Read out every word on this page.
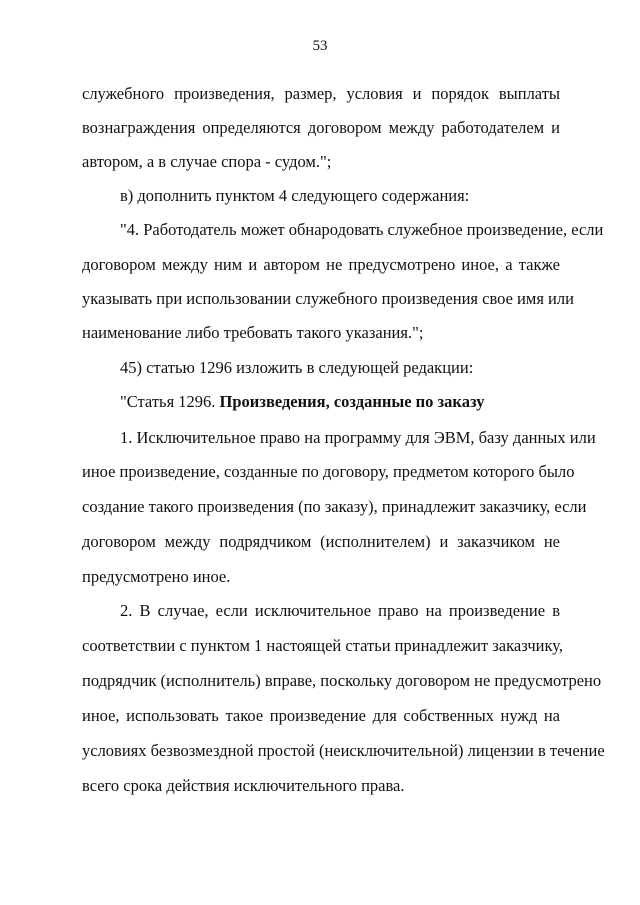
53
служебного произведения, размер, условия и порядок выплаты
вознаграждения определяются договором между работодателем и
автором, а в случае спора - судом.";
в) дополнить пунктом 4 следующего содержания:
"4. Работодатель может обнародовать служебное произведение, если
договором между ним и автором не предусмотрено иное, а также
указывать при использовании служебного произведения свое имя или
наименование либо требовать такого указания.";
45) статью 1296 изложить в следующей редакции:
"Статья 1296. Произведения, созданные по заказу
1. Исключительное право на программу для ЭВМ, базу данных или
иное произведение, созданные по договору, предметом которого было
создание такого произведения (по заказу), принадлежит заказчику, если
договором между подрядчиком (исполнителем) и заказчиком не
предусмотрено иное.
2. В случае, если исключительное право на произведение в
соответствии с пунктом 1 настоящей статьи принадлежит заказчику,
подрядчик (исполнитель) вправе, поскольку договором не предусмотрено
иное, использовать такое произведение для собственных нужд на
условиях безвозмездной простой (неисключительной) лицензии в течение
всего срока действия исключительного права.
